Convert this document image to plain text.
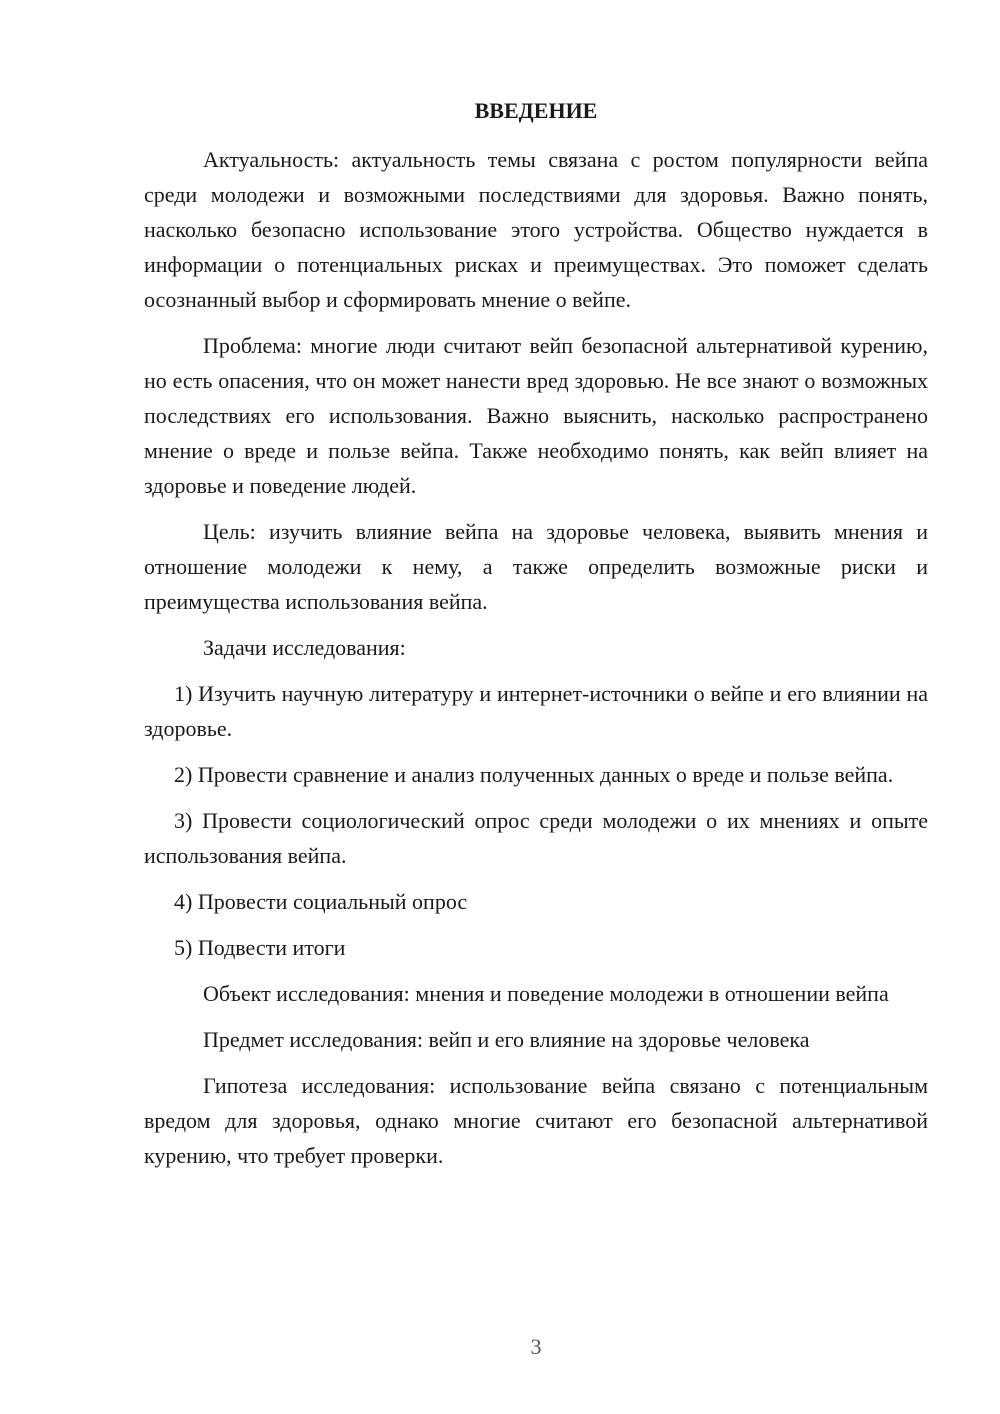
ВВЕДЕНИЕ

Актуальность: актуальность темы связана с ростом популярности вейпа среди молодежи и возможными последствиями для здоровья. Важно понять, насколько безопасно использование этого устройства. Общество нуждается в информации о потенциальных рисках и преимуществах. Это поможет сделать осознанный выбор и сформировать мнение о вейпе.

Проблема: многие люди считают вейп безопасной альтернативой курению, но есть опасения, что он может нанести вред здоровью. Не все знают о возможных последствиях его использования. Важно выяснить, насколько распространено мнение о вреде и пользе вейпа. Также необходимо понять, как вейп влияет на здоровье и поведение людей.

Цель: изучить влияние вейпа на здоровье человека, выявить мнения и отношение молодежи к нему, а также определить возможные риски и преимущества использования вейпа.

Задачи исследования:

1) Изучить научную литературу и интернет-источники о вейпе и его влиянии на здоровье.

2) Провести сравнение и анализ полученных данных о вреде и пользе вейпа.

3) Провести социологический опрос среди молодежи о их мнениях и опыте использования вейпа.

4) Провести социальный опрос

5) Подвести итоги

Объект исследования: мнения и поведение молодежи в отношении вейпа

Предмет исследования: вейп и его влияние на здоровье человека

Гипотеза исследования: использование вейпа связано с потенциальным вредом для здоровья, однако многие считают его безопасной альтернативой курению, что требует проверки.

3
